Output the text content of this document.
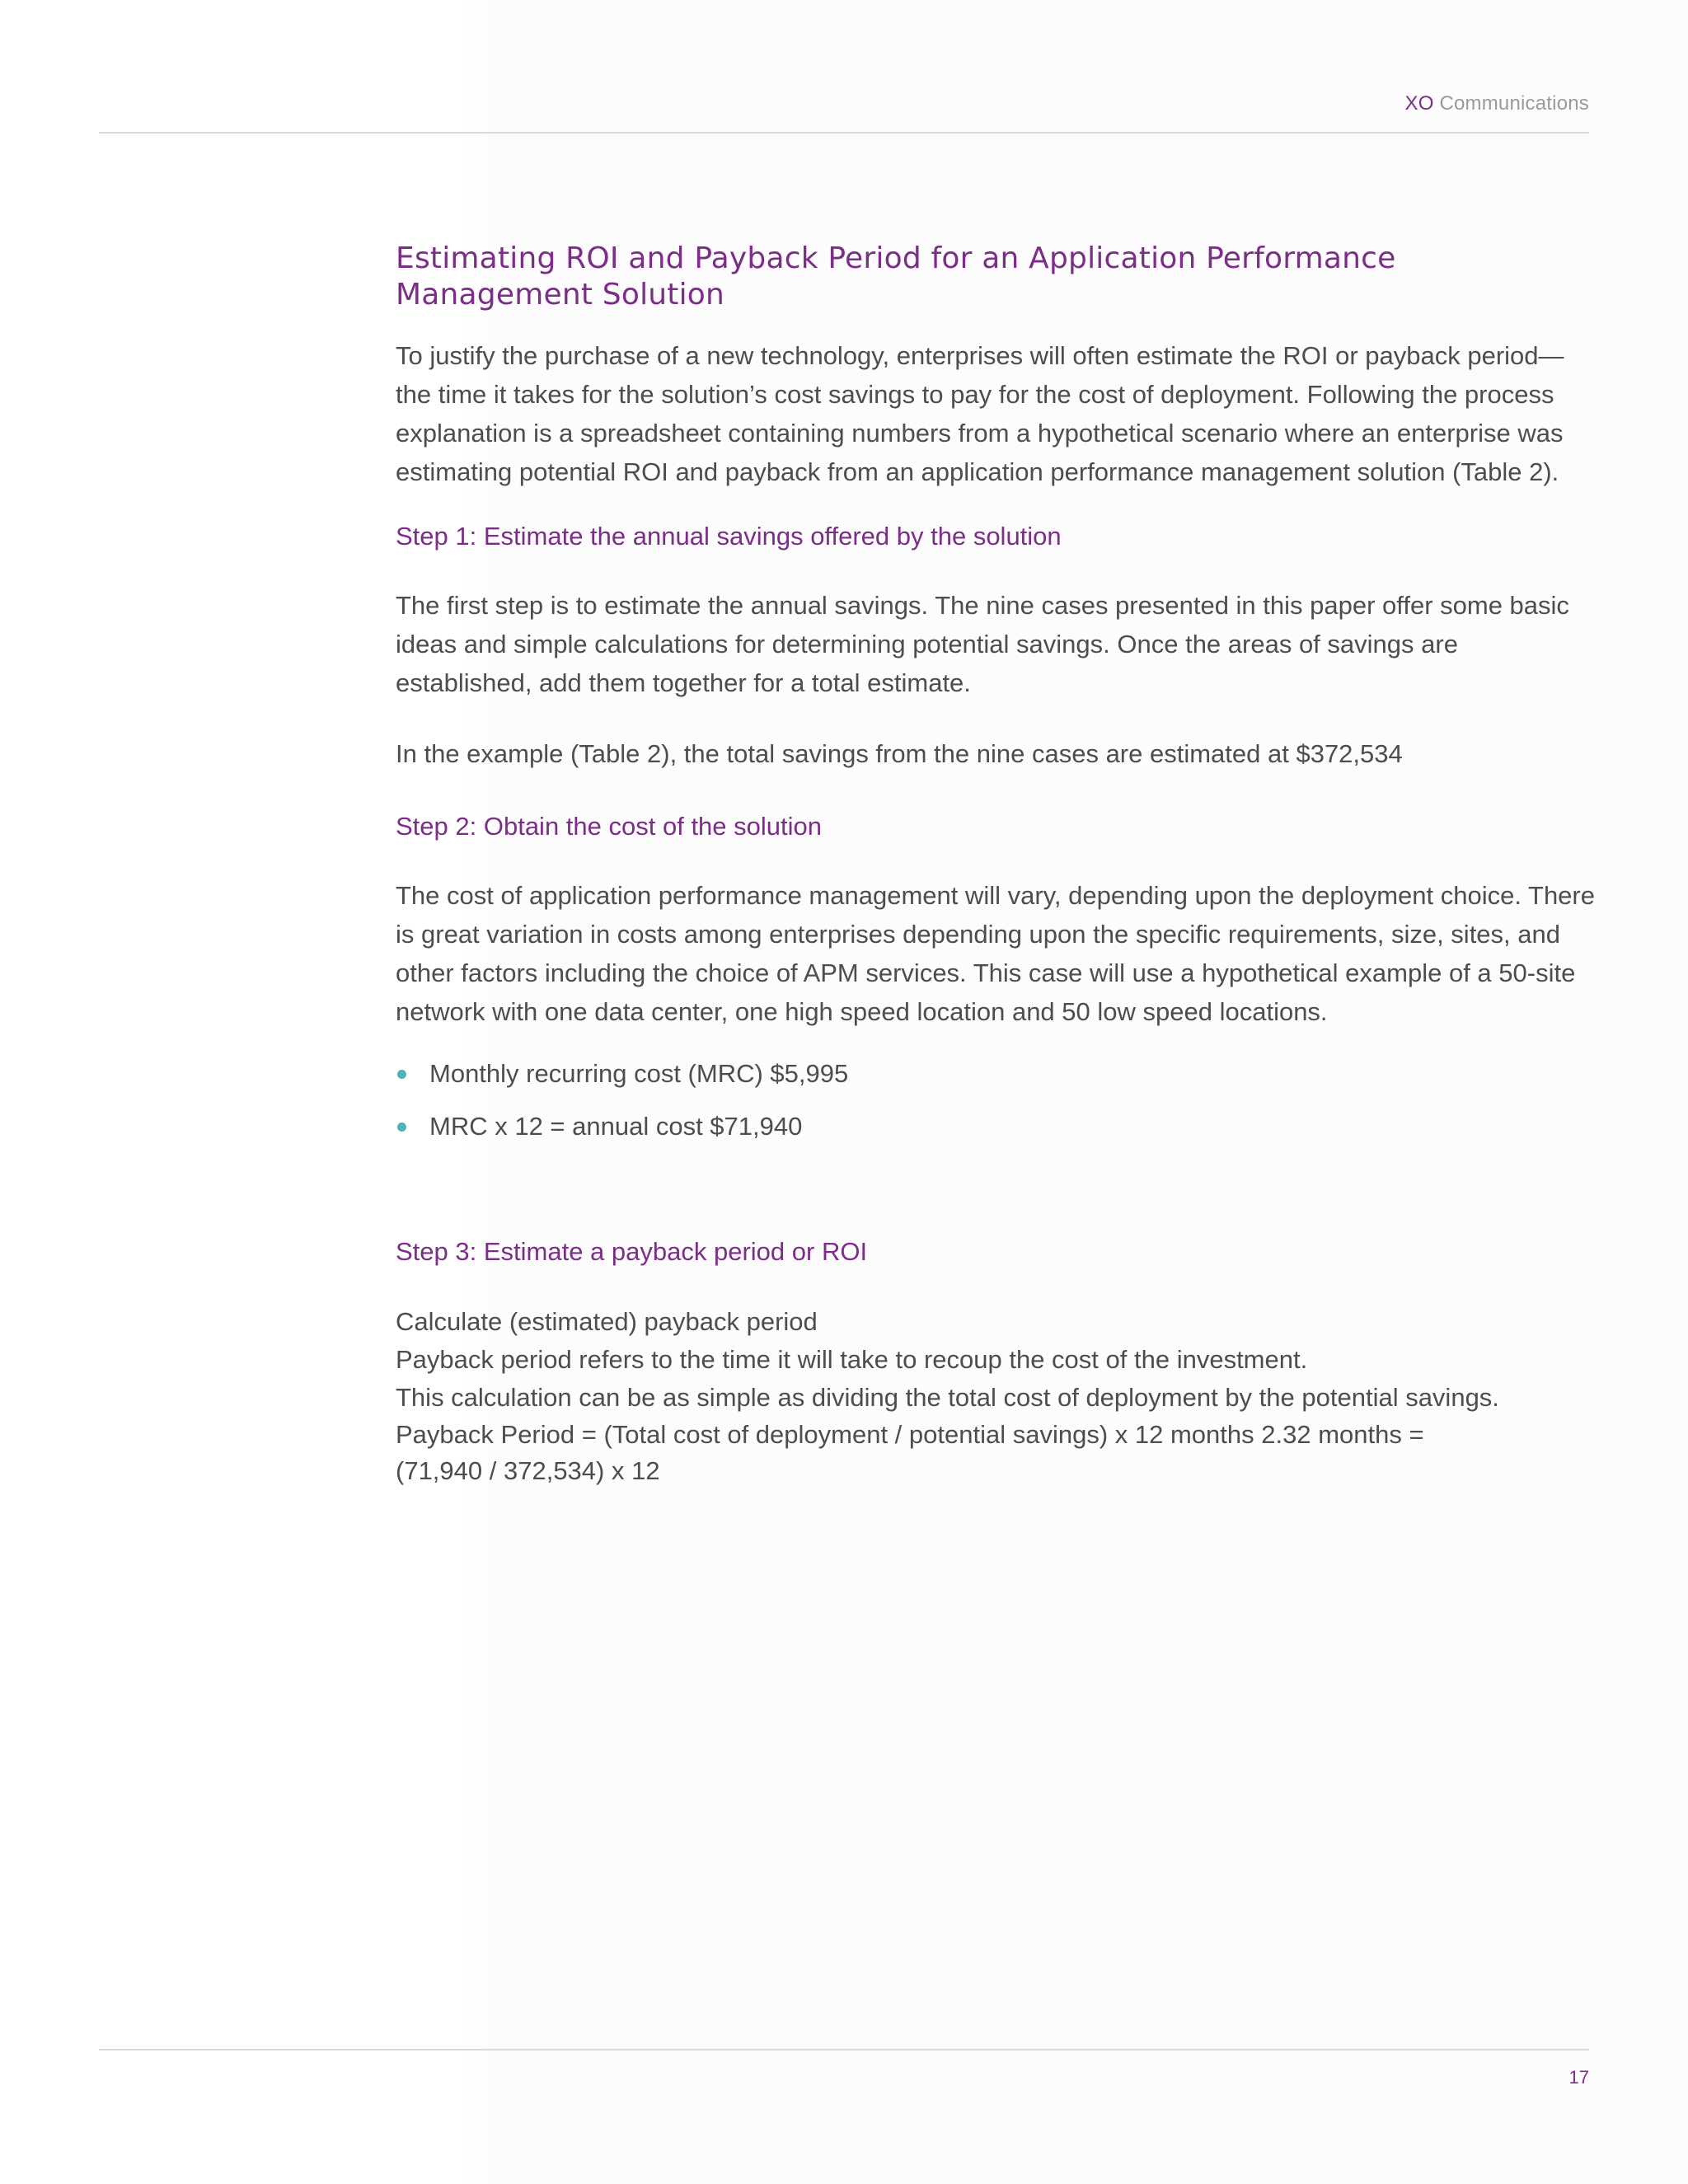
XO Communications
Estimating ROI and Payback Period for an Application Performance
Management Solution

To justify the purchase of a new technology, enterprises will often estimate the ROI or payback period—the time it takes for the solution’s cost savings to pay for the cost of deployment. Following the process explanation is a spreadsheet containing numbers from a hypothetical scenario where an enterprise was estimating potential ROI and payback from an application performance management solution (Table 2).

Step 1: Estimate the annual savings offered by the solution

The first step is to estimate the annual savings. The nine cases presented in this paper offer some basic ideas and simple calculations for determining potential savings. Once the areas of savings are established, add them together for a total estimate.

In the example (Table 2), the total savings from the nine cases are estimated at $372,534

Step 2: Obtain the cost of the solution

The cost of application performance management will vary, depending upon the deployment choice. There is great variation in costs among enterprises depending upon the specific requirements, size, sites, and other factors including the choice of APM services. This case will use a hypothetical example of a 50-site network with one data center, one high speed location and 50 low speed locations.

Monthly recurring cost (MRC) $5,995
MRC x 12 = annual cost $71,940
Step 3: Estimate a payback period or ROI

Calculate (estimated) payback period

Payback period refers to the time it will take to recoup the cost of the investment.

This calculation can be as simple as dividing the total cost of deployment by the potential savings.

Payback Period = (Total cost of deployment / potential savings) x 12 months 2.32 months =

(71,940 / 372,534) x 12

17
